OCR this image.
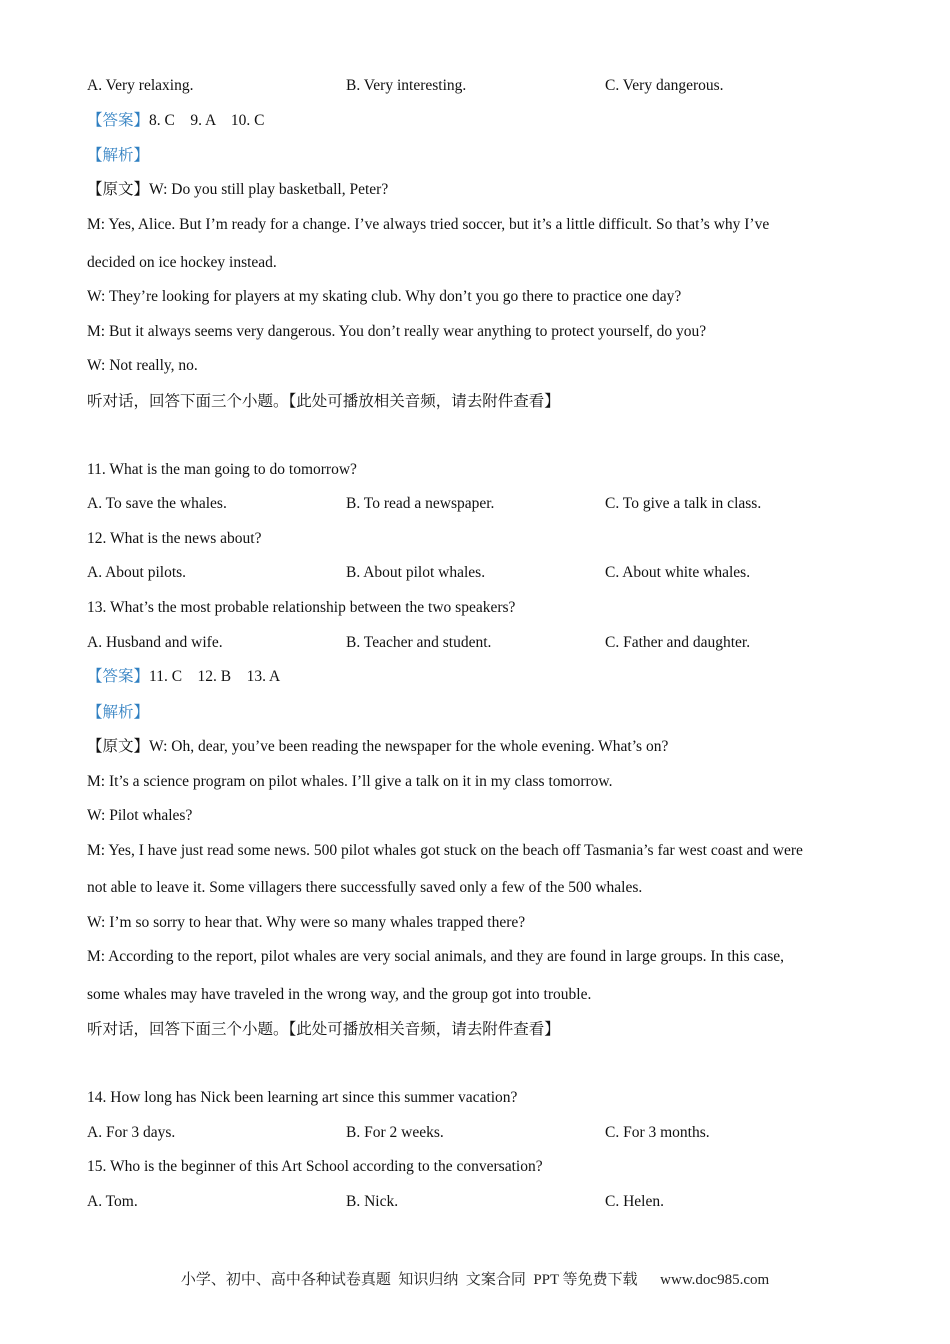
A. Very relaxing.	B. Very interesting.	C. Very dangerous.
【答案】8. C    9. A    10. C
【解析】
【原文】W: Do you still play basketball, Peter?
M: Yes, Alice. But I’m ready for a change. I’ve always tried soccer, but it’s a little difficult. So that’s why I’ve
decided on ice hockey instead.
W: They’re looking for players at my skating club. Why don’t you go there to practice one day?
M: But it always seems very dangerous. You don’t really wear anything to protect yourself, do you?
W: Not really, no.
听对话，回答下面三个小题。【此处可播放相关音频，请去附件查看】
11. What is the man going to do tomorrow?
A. To save the whales.	B. To read a newspaper.	C. To give a talk in class.
12. What is the news about?
A. About pilots.	B. About pilot whales.	C. About white whales.
13. What’s the most probable relationship between the two speakers?
A. Husband and wife.	B. Teacher and student.	C. Father and daughter.
【答案】11. C    12. B    13. A
【解析】
【原文】W: Oh, dear, you’ve been reading the newspaper for the whole evening. What’s on?
M: It’s a science program on pilot whales. I’ll give a talk on it in my class tomorrow.
W: Pilot whales?
M: Yes, I have just read some news. 500 pilot whales got stuck on the beach off Tasmania’s far west coast and were
not able to leave it. Some villagers there successfully saved only a few of the 500 whales.
W: I’m so sorry to hear that. Why were so many whales trapped there?
M: According to the report, pilot whales are very social animals, and they are found in large groups. In this case,
some whales may have traveled in the wrong way, and the group got into trouble.
听对话，回答下面三个小题。【此处可播放相关音频，请去附件查看】
14. How long has Nick been learning art since this summer vacation?
A. For 3 days.	B. For 2 weeks.	C. For 3 months.
15. Who is the beginner of this Art School according to the conversation?
A. Tom.	B. Nick.	C. Helen.
小学、初中、高中各种试卷真题  知识归纳  文案合同  PPT 等免费下载 www.doc985.com
